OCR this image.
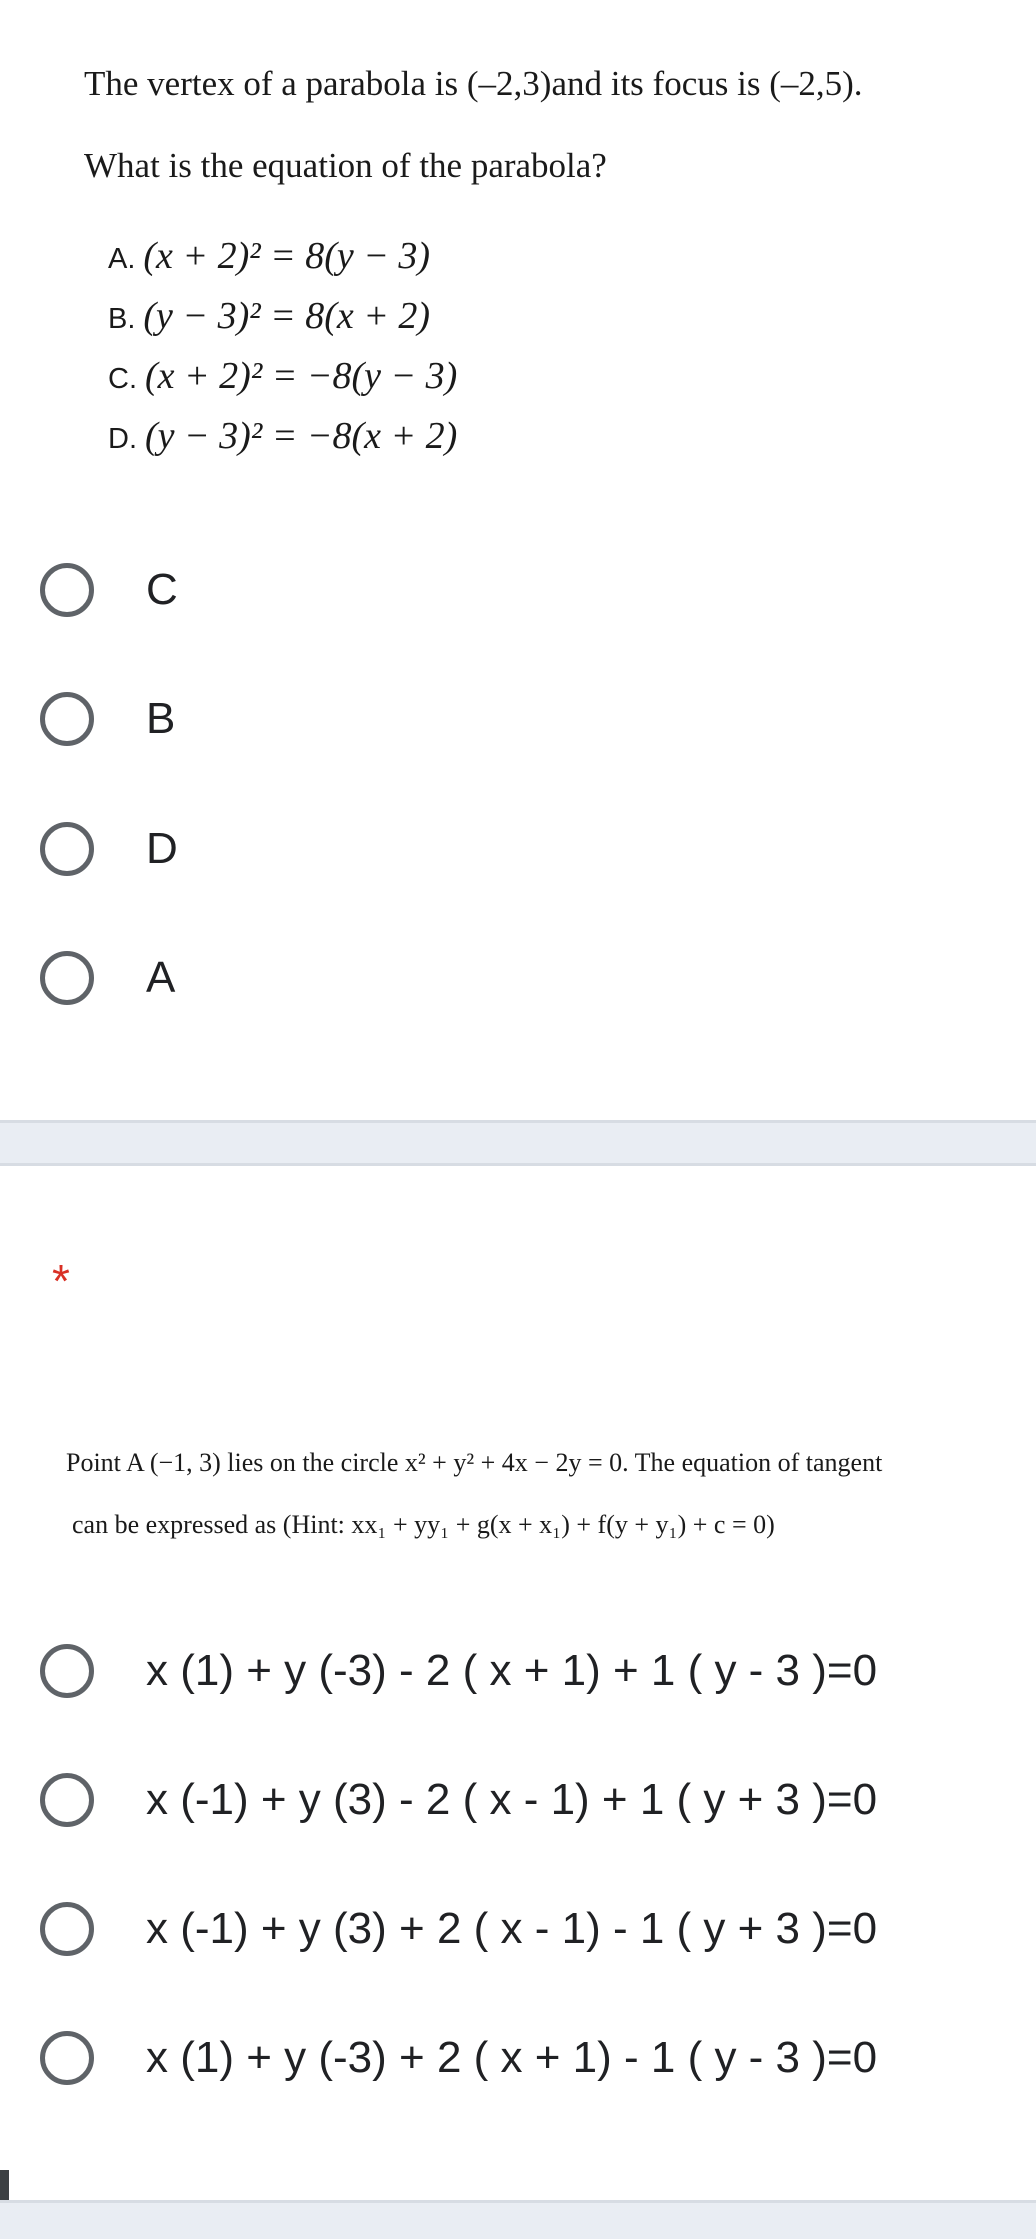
The vertex of a parabola is (–2,3)and its focus is (–2,5).
What is the equation of the parabola?
A. (x + 2)² = 8(y − 3)
B. (y − 3)² = 8(x + 2)
C. (x + 2)² = −8(y − 3)
D. (y − 3)² = −8(x + 2)
C
B
D
A
*
Point A (−1, 3) lies on the circle x² + y² + 4x − 2y = 0. The equation of tangent
can be expressed as (Hint: xx₁ + yy₁ + g(x + x₁) + f(y + y₁) + c = 0)
x (1) + y (-3) - 2 ( x + 1) + 1 ( y - 3 )=0
x (-1) + y (3) - 2 ( x - 1) + 1 ( y + 3 )=0
x (-1) + y (3) + 2 ( x - 1) - 1 ( y + 3 )=0
x (1) + y (-3) + 2 ( x + 1) - 1 ( y - 3 )=0
